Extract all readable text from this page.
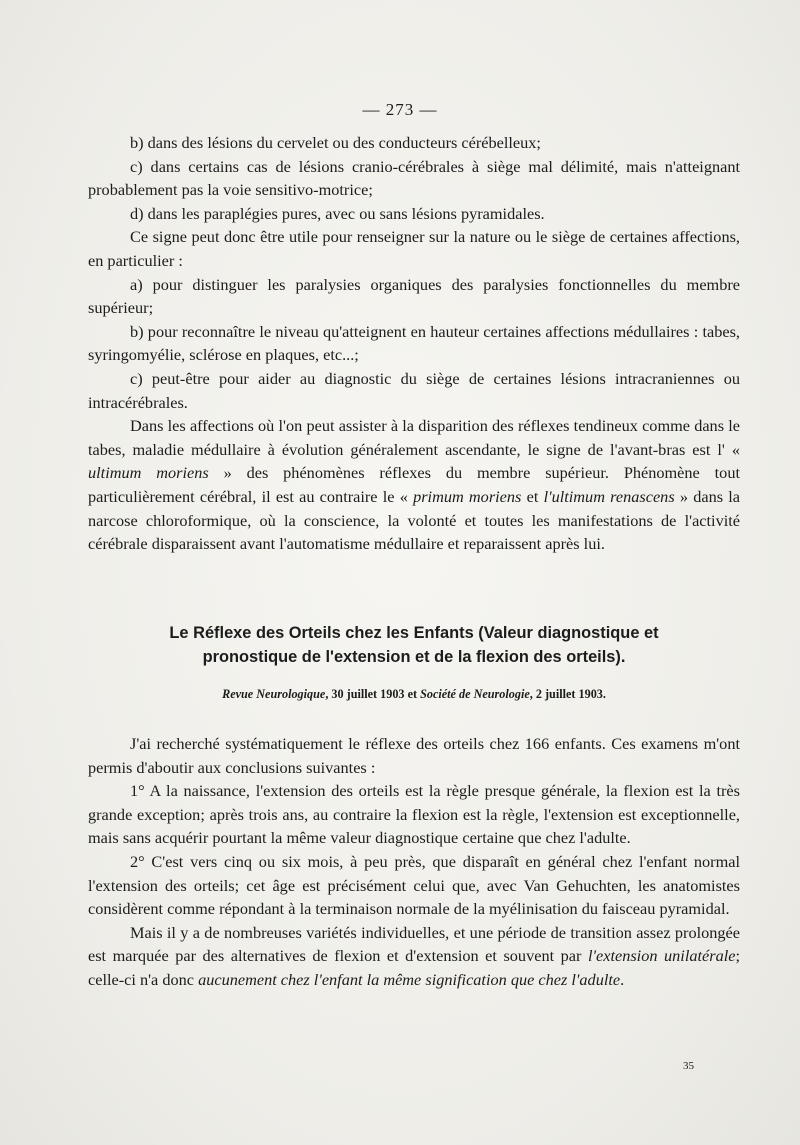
— 273 —

b) dans des lésions du cervelet ou des conducteurs cérébelleux;

c) dans certains cas de lésions cranio-cérébrales à siège mal délimité, mais n'atteignant probablement pas la voie sensitivo-motrice;

d) dans les paraplégies pures, avec ou sans lésions pyramidales.

Ce signe peut donc être utile pour renseigner sur la nature ou le siège de certaines affections, en particulier :

a) pour distinguer les paralysies organiques des paralysies fonctionnelles du membre supérieur;

b) pour reconnaître le niveau qu'atteignent en hauteur certaines affections médullaires : tabes, syringomyélie, sclérose en plaques, etc...;

c) peut-être pour aider au diagnostic du siège de certaines lésions intracraniennes ou intracérébrales.

Dans les affections où l'on peut assister à la disparition des réflexes tendineux comme dans le tabes, maladie médullaire à évolution généralement ascendante, le signe de l'avant-bras est l' « ultimum moriens » des phénomènes réflexes du membre supérieur. Phénomène tout particulièrement cérébral, il est au contraire le « primum moriens et l'ultimum renascens » dans la narcose chloroformique, où la conscience, la volonté et toutes les manifestations de l'activité cérébrale disparaissent avant l'automatisme médullaire et reparaissent après lui.

Le Réflexe des Orteils chez les Enfants (Valeur diagnostique et
pronostique de l'extension et de la flexion des orteils).
Revue Neurologique, 30 juillet 1903 et Société de Neurologie, 2 juillet 1903.

J'ai recherché systématiquement le réflexe des orteils chez 166 enfants. Ces examens m'ont permis d'aboutir aux conclusions suivantes :

1° A la naissance, l'extension des orteils est la règle presque générale, la flexion est la très grande exception; après trois ans, au contraire la flexion est la règle, l'extension est exceptionnelle, mais sans acquérir pourtant la même valeur diagnostique certaine que chez l'adulte.

2° C'est vers cinq ou six mois, à peu près, que disparaît en général chez l'enfant normal l'extension des orteils; cet âge est précisément celui que, avec Van Gehuchten, les anatomistes considèrent comme répondant à la terminaison normale de la myélinisation du faisceau pyramidal.

Mais il y a de nombreuses variétés individuelles, et une période de transition assez prolongée est marquée par des alternatives de flexion et d'extension et souvent par l'extension unilatérale; celle-ci n'a donc aucunement chez l'enfant la même signification que chez l'adulte.

35
